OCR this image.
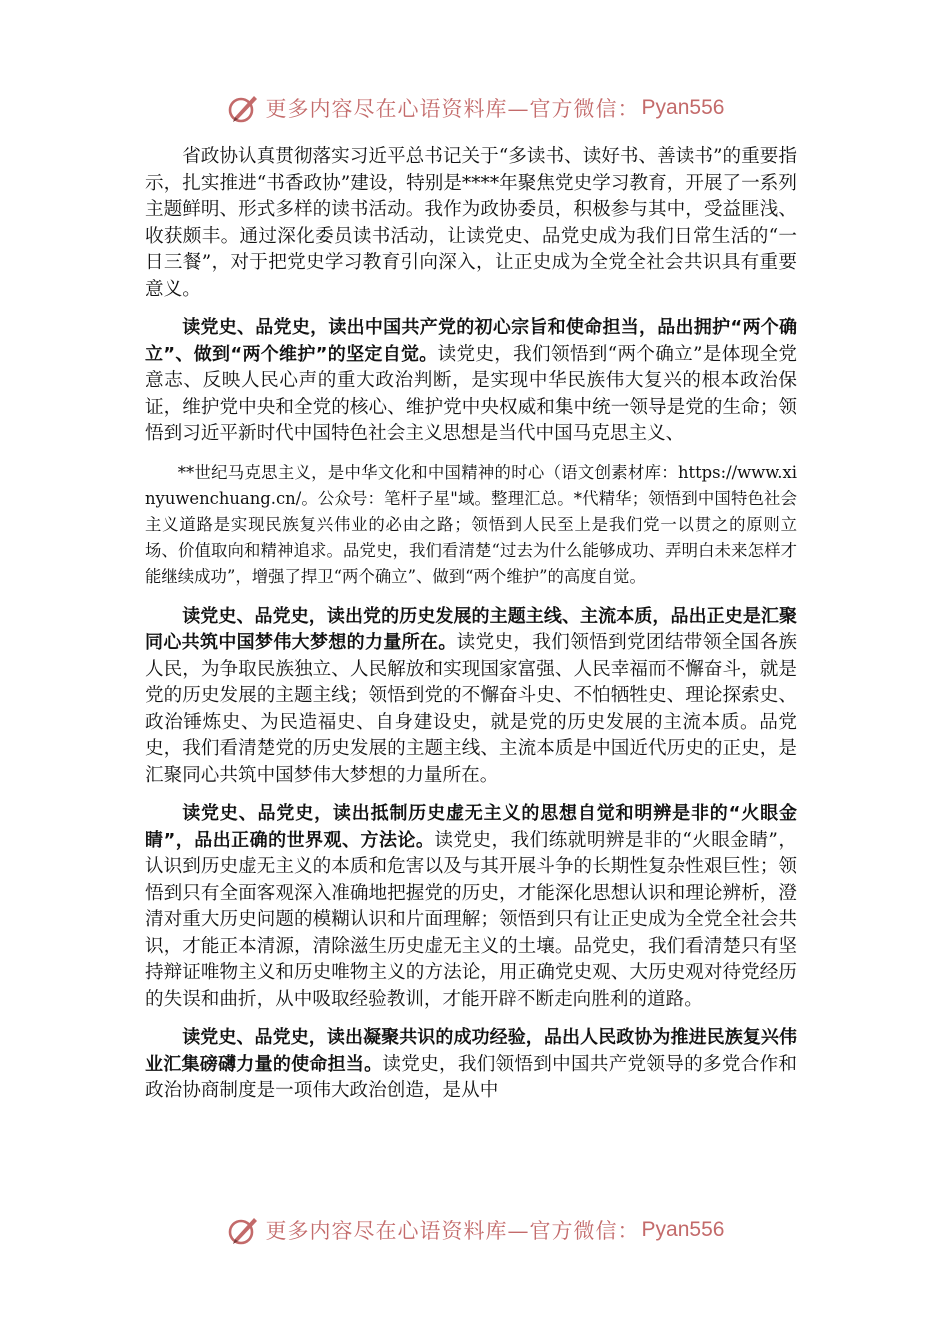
更多内容尽在心语资料库—官方微信： Pyan556

省政协认真贯彻落实习近平总书记关于“多读书、读好书、善读书”的重要指示，扎实推进“书香政协”建设，特别是****年聚焦党史学习教育，开展了一系列主题鲜明、形式多样的读书活动。我作为政协委员，积极参与其中，受益匪浅、收获颇丰。通过深化委员读书活动，让读党史、品党史成为我们日常生活的“一日三餐”，对于把党史学习教育引向深入，让正史成为全党全社会共识具有重要意义。

读党史、品党史，读出中国共产党的初心宗旨和使命担当，品出拥护“两个确立”、做到“两个维护”的坚定自觉。读党史，我们领悟到“两个确立”是体现全党意志、反映人民心声的重大政治判断，是实现中华民族伟大复兴的根本政治保证，维护党中央和全党的核心、维护党中央权威和集中统一领导是党的生命；领悟到习近平新时代中国特色社会主义思想是当代中国马克思主义、

**世纪马克思主义，是中华文化和中国精神的时心（语文创素材库：https://www.xinyuwenchuang.cn/。公众号：笔杆子星"域。整理汇总。*代精华；领悟到中国特色社会主义道路是实现民族复兴伟业的必由之路；领悟到人民至上是我们党一以贯之的原则立场、价值取向和精神追求。品党史，我们看清楚“过去为什么能够成功、弄明白未来怎样才能继续成功”，增强了捍卫“两个确立”、做到“两个维护”的高度自觉。

读党史、品党史，读出党的历史发展的主题主线、主流本质，品出正史是汇聚同心共筑中国梦伟大梦想的力量所在。读党史，我们领悟到党团结带领全国各族人民，为争取民族独立、人民解放和实现国家富强、人民幸福而不懈奋斗，就是党的历史发展的主题主线；领悟到党的不懈奋斗史、不怕牺牲史、理论探索史、政治锤炼史、为民造福史、自身建设史，就是党的历史发展的主流本质。品党史，我们看清楚党的历史发展的主题主线、主流本质是中国近代历史的正史，是汇聚同心共筑中国梦伟大梦想的力量所在。

读党史、品党史，读出抵制历史虚无主义的思想自觉和明辨是非的“火眼金睛”，品出正确的世界观、方法论。读党史，我们练就明辨是非的“火眼金睛”，认识到历史虚无主义的本质和危害以及与其开展斗争的长期性复杂性艰巨性；领悟到只有全面客观深入准确地把握党的历史，才能深化思想认识和理论辨析，澄清对重大历史问题的模糊认识和片面理解；领悟到只有让正史成为全党全社会共识，才能正本清源，清除滋生历史虚无主义的土壤。品党史，我们看清楚只有坚持辩证唯物主义和历史唯物主义的方法论，用正确党史观、大历史观对待党经历的失误和曲折，从中吸取经验教训，才能开辟不断走向胜利的道路。

读党史、品党史，读出凝聚共识的成功经验，品出人民政协为推进民族复兴伟业汇集磅礴力量的使命担当。读党史，我们领悟到中国共产党领导的多党合作和政治协商制度是一项伟大政治创造，是从中

更多内容尽在心语资料库—官方微信： Pyan556
